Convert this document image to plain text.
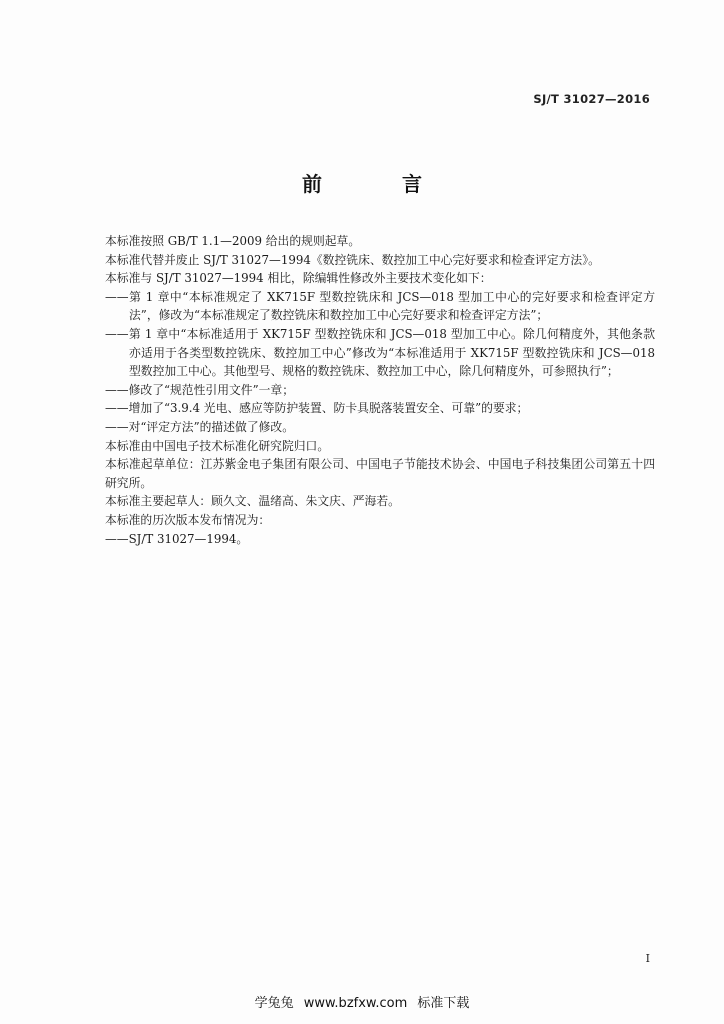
SJ/T 31027—2016
前　言

本标准按照 GB/T 1.1—2009 给出的规则起草。

本标准代替并废止 SJ/T 31027—1994《数控铣床、数控加工中心完好要求和检查评定方法》。

本标准与 SJ/T 31027—1994 相比，除编辑性修改外主要技术变化如下：

——第 1 章中“本标准规定了 XK715F 型数控铣床和 JCS—018 型加工中心的完好要求和检查评定方法”，修改为“本标准规定了数控铣床和数控加工中心完好要求和检查评定方法”；

——第 1 章中“本标准适用于 XK715F 型数控铣床和 JCS—018 型加工中心。除几何精度外，其他条款亦适用于各类型数控铣床、数控加工中心”修改为“本标准适用于 XK715F 型数控铣床和 JCS—018 型数控加工中心。其他型号、规格的数控铣床、数控加工中心，除几何精度外，可参照执行”；

——修改了“规范性引用文件”一章；

——增加了“3.9.4 光电、感应等防护装置、防卡具脱落装置安全、可靠”的要求；

——对“评定方法”的描述做了修改。

本标准由中国电子技术标准化研究院归口。

本标准起草单位：江苏紫金电子集团有限公司、中国电子节能技术协会、中国电子科技集团公司第五十四研究所。

本标准主要起草人：顾久文、温绪高、朱文庆、严海若。

本标准的历次版本发布情况为：

——SJ/T 31027—1994。

I
学兔兔 www.bzfxw.com 标准下载
